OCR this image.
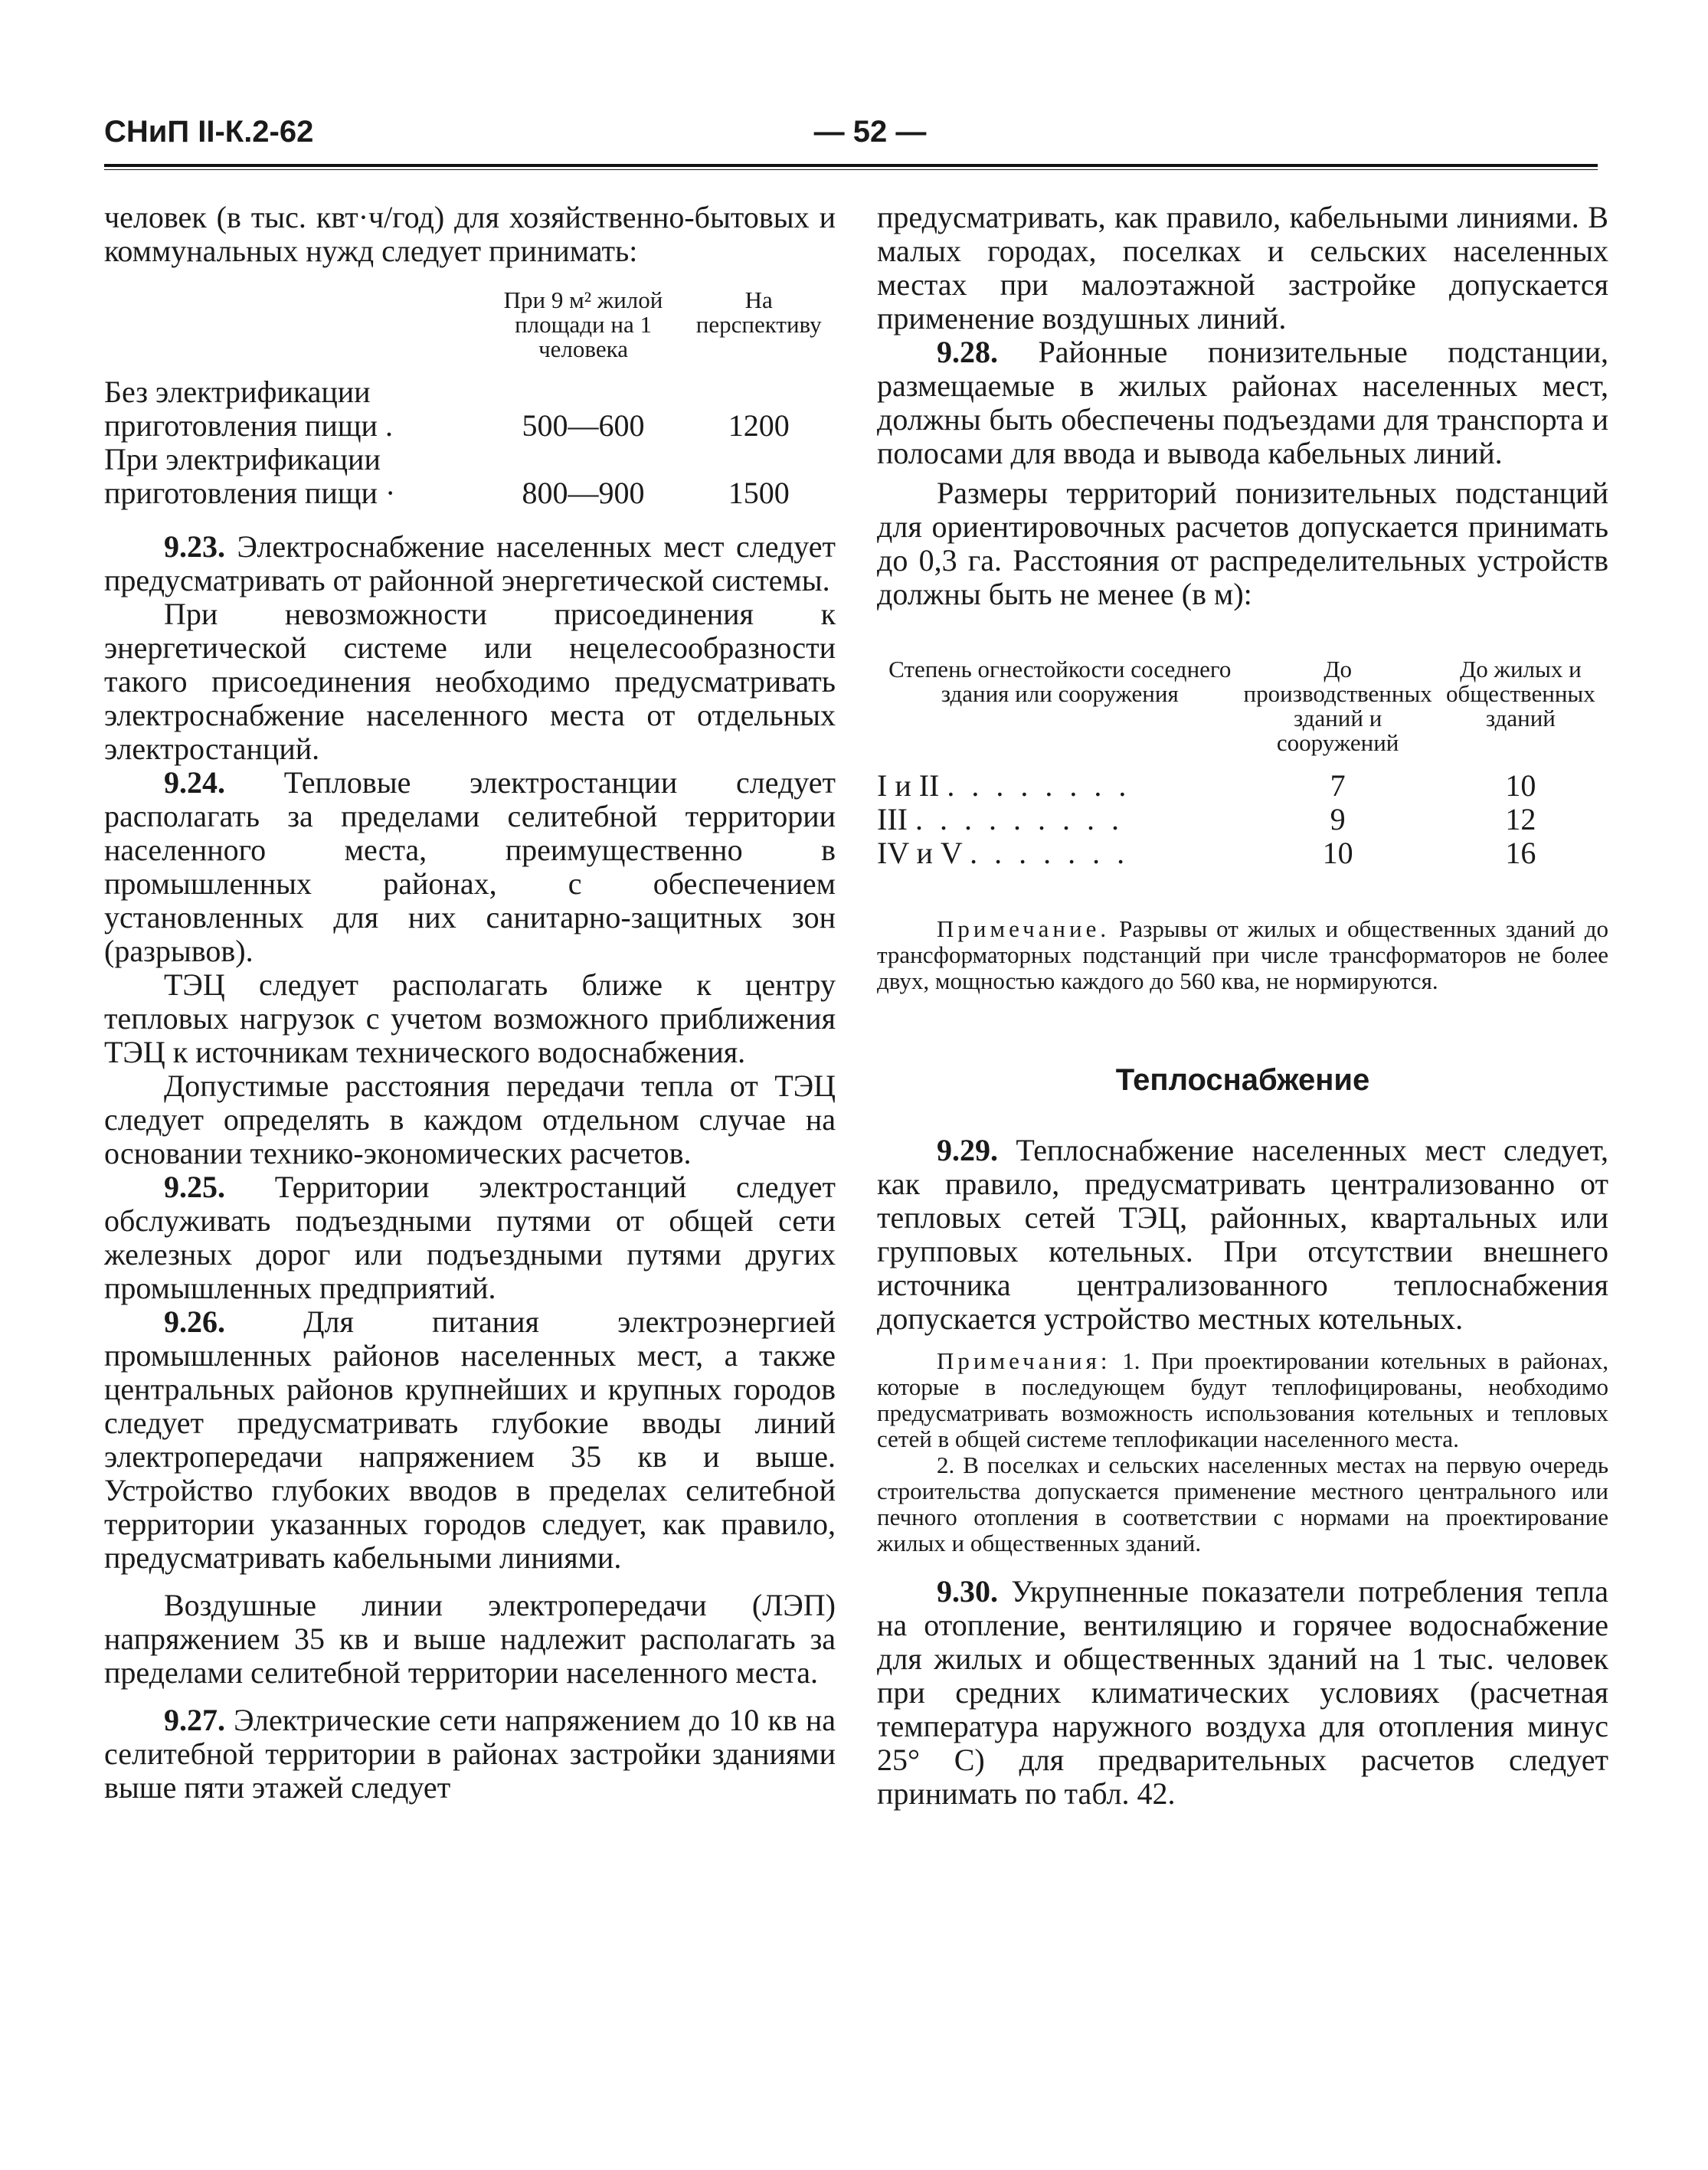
СНиП II-К.2-62	— 52 —

человек (в тыс. квт·ч/год) для хозяйственно-бытовых и коммунальных нужд следует принимать:

	При 9 м² жилой площади на 1 человека	На перспективу
Без электрификации приготовления пищи .	500—600	1200
При электрификации приготовления пищи ·	800—900	1500

9.23. Электроснабжение населенных мест следует предусматривать от районной энергетической системы.

При невозможности присоединения к энергетической системе или нецелесообразности такого присоединения необходимо предусматривать электроснабжение населенного места от отдельных электростанций.

9.24. Тепловые электростанции следует располагать за пределами селитебной территории населенного места, преимущественно в промышленных районах, с обеспечением установленных для них санитарно-защитных зон (разрывов).

ТЭЦ следует располагать ближе к центру тепловых нагрузок с учетом возможного приближения ТЭЦ к источникам технического водоснабжения.

Допустимые расстояния передачи тепла от ТЭЦ следует определять в каждом отдельном случае на основании технико-экономических расчетов.

9.25. Территории электростанций следует обслуживать подъездными путями от общей сети железных дорог или подъездными путями других промышленных предприятий.

9.26.	Для питания электроэнергией промышленных районов населенных мест, а также центральных районов крупнейших и крупных городов следует предусматривать глубокие вводы линий электропередачи напряжением 35 кв и выше. Устройство глубоких вводов в пределах селитебной территории указанных городов следует, как правило, предусматривать кабельными линиями.

Воздушные линии электропередачи (ЛЭП) напряжением 35 кв и выше надлежит располагать за пределами селитебной территории населенного места.

9.27. Электрические сети напряжением до 10 кв на селитебной территории в районах застройки зданиями выше пяти этажей следует

предусматривать, как правило, кабельными линиями. В малых городах, поселках и сельских населенных местах при малоэтажной застройке допускается применение воздушных линий.

9.28. Районные понизительные подстанции, размещаемые в жилых районах населенных мест, должны быть обеспечены подъездами для транспорта и полосами для ввода и вывода кабельных линий.

Размеры территорий понизительных подстанций для ориентировочных расчетов допускается принимать до 0,3 га. Расстояния от распределительных устройств должны быть не менее (в м):

Степень огнестойкости соседнего здания или сооружения	До производственных зданий и сооружений	До жилых и общественных зданий
I и II . . . . . . . .	7	10
III . . . . . . . . .	9	12
IV и V . . . . . . .	10	16

Примечание. Разрывы от жилых и общественных зданий до трансформаторных подстанций при числе трансформаторов не более двух, мощностью каждого до 560 ква, не нормируются.

Теплоснабжение

9.29. Теплоснабжение населенных мест следует, как правило, предусматривать централизованно от тепловых сетей ТЭЦ, районных, квартальных или групповых котельных. При отсутствии внешнего источника централизованного теплоснабжения допускается устройство местных котельных.

Примечания: 1. При проектировании котельных в районах, которые в последующем будут теплофицированы, необходимо предусматривать возможность использования котельных и тепловых сетей в общей системе теплофикации населенного места.

2. В поселках и сельских населенных местах на первую очередь строительства допускается применение местного центрального или печного отопления в соответствии с нормами на проектирование жилых и общественных зданий.

9.30. Укрупненные показатели потребления тепла на отопление, вентиляцию и горячее водоснабжение для жилых и общественных зданий на 1 тыс. человек при средних климатических условиях (расчетная температура наружного воздуха для отопления минус 25° С) для предварительных расчетов следует принимать по табл. 42.
